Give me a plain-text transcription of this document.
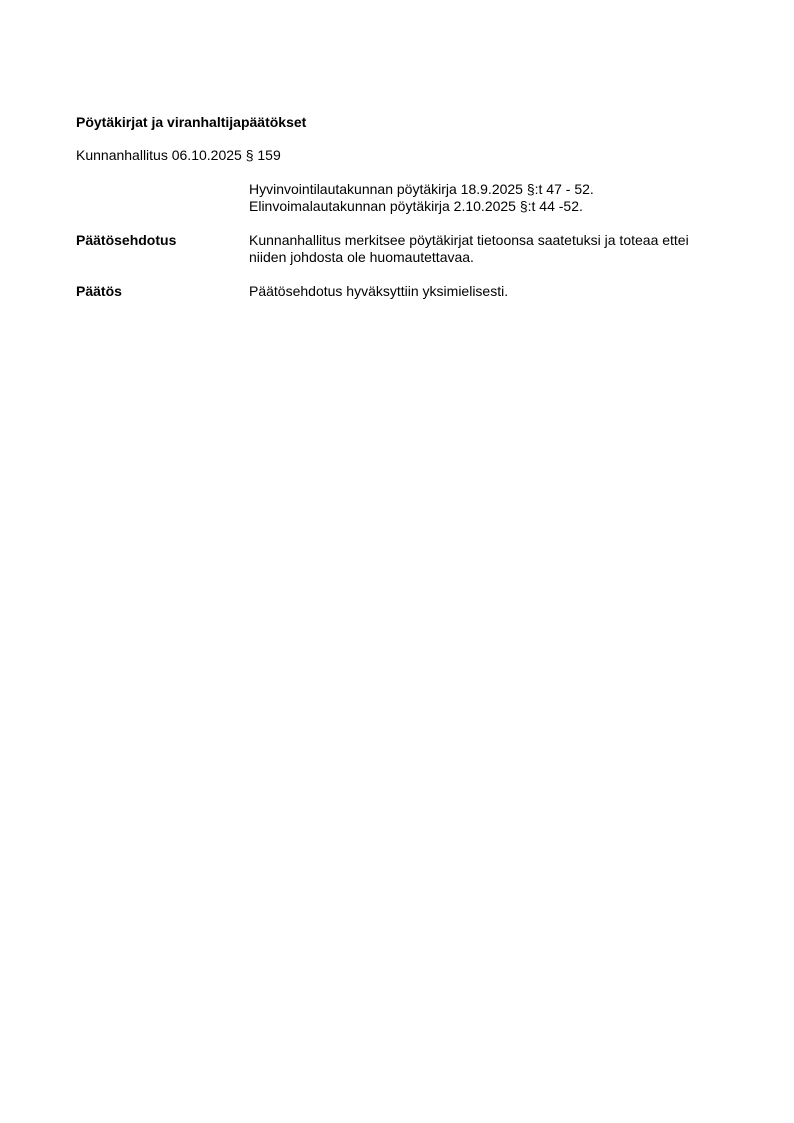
Pöytäkirjat ja viranhaltijapäätökset
Kunnanhallitus 06.10.2025 § 159
Hyvinvointilautakunnan pöytäkirja 18.9.2025 §:t 47 - 52.
Elinvoimalautakunnan pöytäkirja 2.10.2025 §:t 44 -52.
Päätösehdotus	Kunnanhallitus merkitsee pöytäkirjat tietoonsa saatetuksi ja toteaa ettei
niiden johdosta ole huomautettavaa.
Päätös	Päätösehdotus hyväksyttiin yksimielisesti.
